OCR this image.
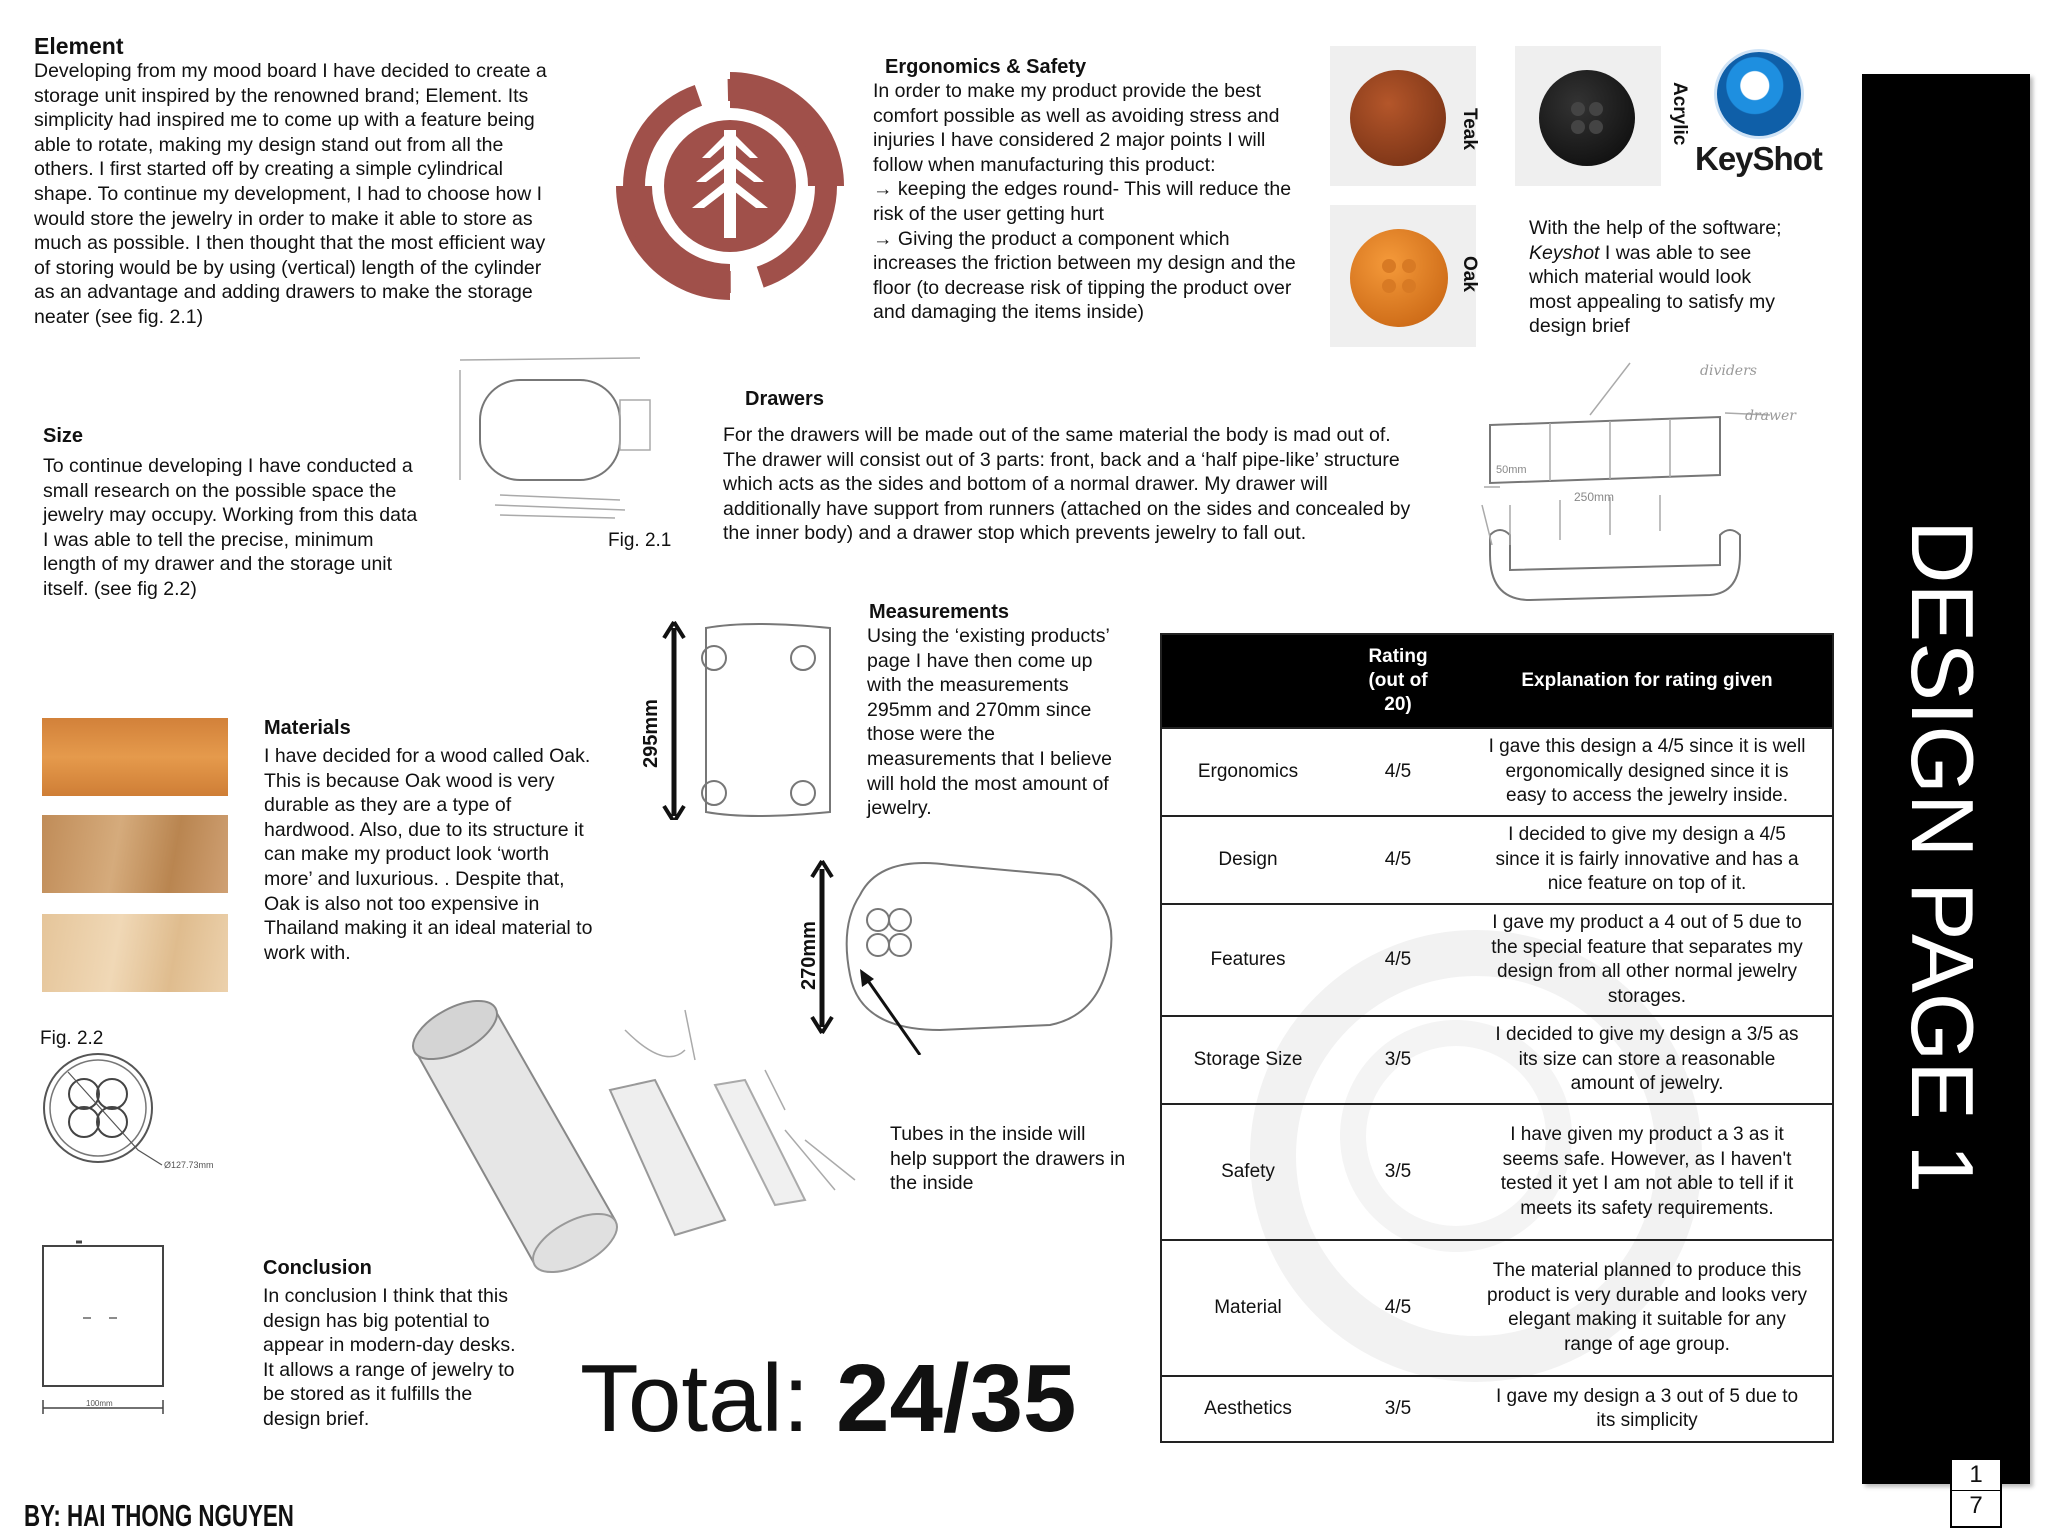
Element
Developing from my mood board I have decided to create a
storage unit inspired by the renowned brand; Element. Its
simplicity had inspired me to come up with a feature being
able to rotate, making my design stand out from all the
others. I first started off by creating a simple cylindrical
shape. To continue my development, I had to choose how I
would store the jewelry in order to make it able to store as
much as possible. I then thought that the most efficient way
of storing would be by using (vertical) length of the cylinder
as an advantage and adding drawers to make the storage
neater (see fig. 2.1)
Ergonomics & Safety
In order to make my product provide the best
comfort possible as well as avoiding stress and
injuries I have considered 2 major points I will
follow when manufacturing this product:
→ keeping the edges round- This will reduce the
risk of the user getting hurt
→ Giving the product a component which
increases the friction between my design and the
floor (to decrease risk of tipping the product over
and damaging the items inside)
Teak	Acrylic
Oak
KeyShot
With the help of the software;
Keyshot I was able to see
which material would look
most appealing to satisfy my
design brief
Size
To continue developing I have conducted a
small research on the possible space the
jewelry may occupy. Working from this data
I was able to tell the precise, minimum
length of my drawer and the storage unit
itself. (see fig 2.2)
Fig. 2.1
Drawers
For the drawers will be made out of the same material the body is mad out of.
The drawer will consist out of 3 parts: front, back and a ‘half pipe-like’ structure
which acts as the sides and bottom of a normal drawer. My drawer will
additionally have support from runners (attached on the sides and concealed by
the inner body) and a drawer stop which prevents jewelry to fall out.
dividers
drawer
50mm
250mm
Measurements
Using the ‘existing products’
page I have then come up
with the measurements
295mm and 270mm since
those were the
measurements that I believe
will hold the most amount of
jewelry.
295mm
270mm
Tubes in the inside will
help support the drawers in
the inside
Materials
I have decided for a wood called Oak.
This is because Oak wood is very
durable as they are a type of
hardwood. Also, due to its structure it
can make my product look ‘worth
more’ and luxurious. . Despite that,
Oak is also not too expensive in
Thailand making it an ideal material to
work with.
Fig. 2.2
Ø127.73mm
100mm
Conclusion
In conclusion I think that this
design has big potential to
appear in modern-day desks.
It allows a range of jewelry to
be stored as it fulfills the
design brief.	Total: 24/35

	Rating
(out of
20)	Explanation for rating given
Ergonomics	4/5	I gave this design a 4/5 since it is well
ergonomically designed since it is
easy to access the jewelry inside.

Design	4/5	I decided to give my design a 4/5
since it is fairly innovative and has a
nice feature on top of it.

Features	4/5	I gave my product a 4 out of 5 due to
the special feature that separates my
design from all other normal jewelry
storages.

Storage Size	3/5	I decided to give my design a 3/5 as
its size can store a reasonable
amount of jewelry.

Safety	3/5	I have given my product a 3 as it
seems safe. However, as I haven't
tested it yet I am not able to tell if it
meets its safety requirements.

Material	4/5	The material planned to produce this
product is very durable and looks very
elegant making it suitable for any
range of age group.

Aesthetics	3/5	I gave my design a 3 out of 5 due to
its simplicity
DESIGN PAGE 1
1
7
BY: HAI THONG NGUYEN
